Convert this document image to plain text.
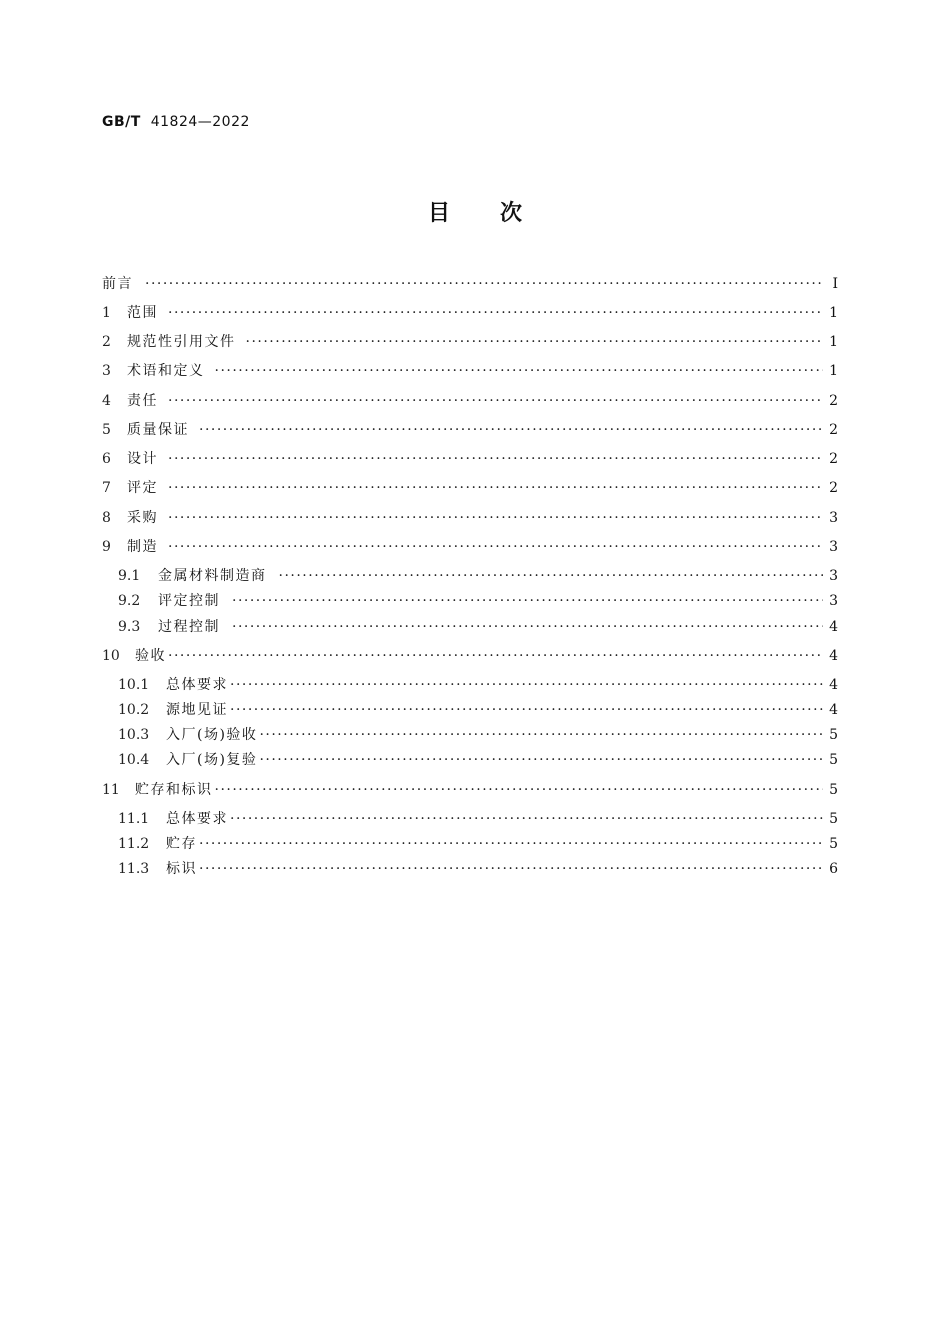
GB/T 41824—2022
目次
前言 ·····	I
1	范围 ·····	1
2	规范性引用文件 ·····	1
3	术语和定义 ·····	1
4	责任 ·····	2
5	质量保证 ·····	2
6	设计 ·····	2
7	评定 ·····	2
8	采购 ·····	3
9	制造 ·····	3
9.1	金属材料制造商 ·····	3
9.2	评定控制 ·····	3
9.3	过程控制 ·····	4
10	验收 ·····	4
10.1	总体要求 ·····	4
10.2	源地见证 ·····	4
10.3	入厂(场)验收 ·····	5
10.4	入厂(场)复验 ·····	5
11	贮存和标识 ·····	5
11.1	总体要求 ·····	5
11.2	贮存 ·····	5
11.3	标识 ·····	6
